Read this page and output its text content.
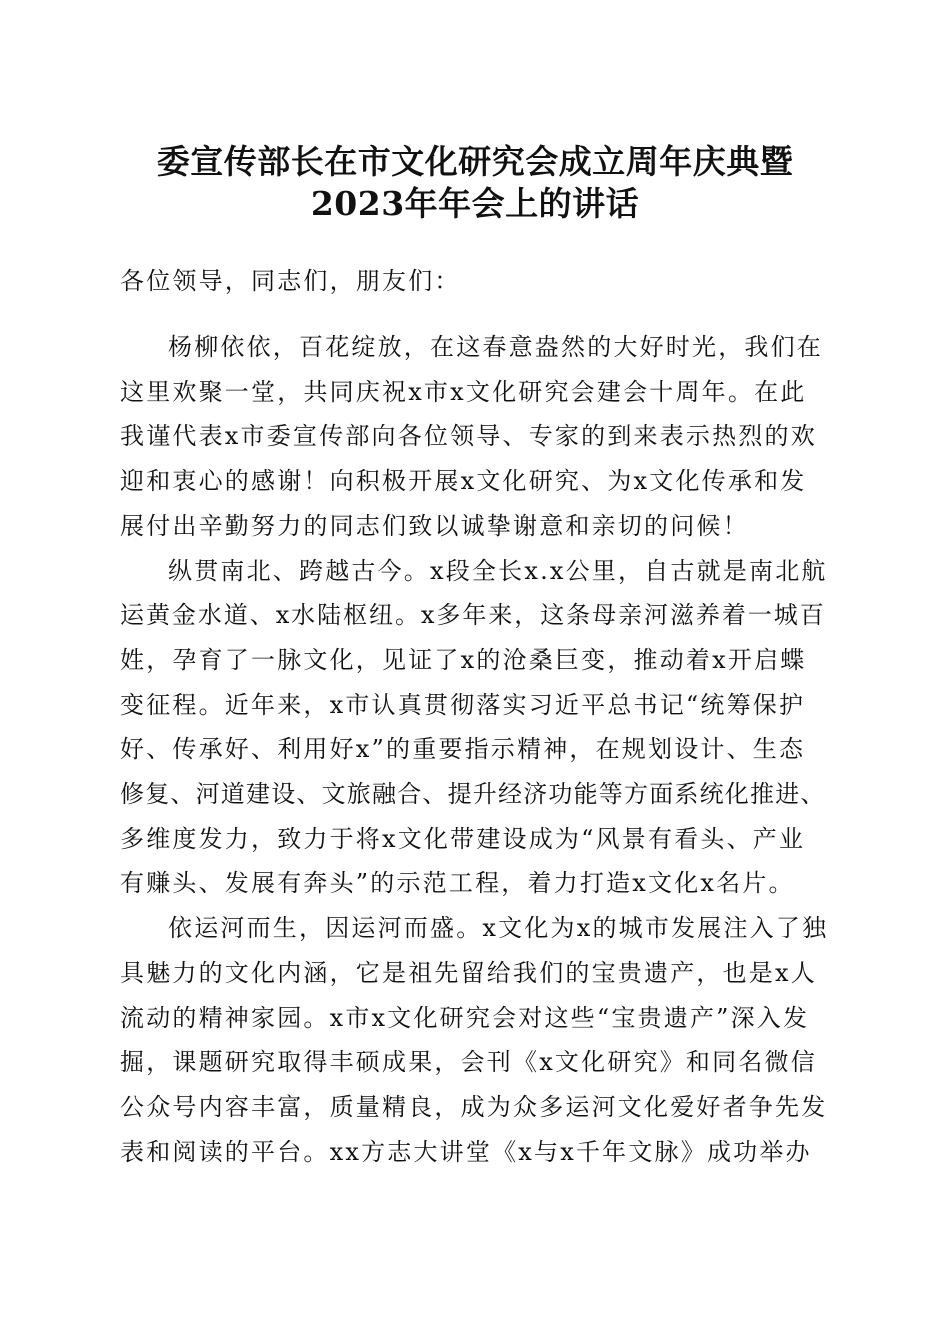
委宣传部长在市文化研究会成立周年庆典暨
2023年年会上的讲话
各位领导，同志们，朋友们：
杨柳依依，百花绽放，在这春意盎然的大好时光，我们在
这里欢聚一堂，共同庆祝x市x文化研究会建会十周年。在此
我谨代表x市委宣传部向各位领导、专家的到来表示热烈的欢
迎和衷心的感谢！向积极开展x文化研究、为x文化传承和发
展付出辛勤努力的同志们致以诚挚谢意和亲切的问候！
纵贯南北、跨越古今。x段全长x.x公里，自古就是南北航
运黄金水道、x水陆枢纽。x多年来，这条母亲河滋养着一城百
姓，孕育了一脉文化，见证了x的沧桑巨变，推动着x开启蝶
变征程。近年来，x市认真贯彻落实习近平总书记“统筹保护
好、传承好、利用好x”的重要指示精神，在规划设计、生态
修复、河道建设、文旅融合、提升经济功能等方面系统化推进、
多维度发力，致力于将x文化带建设成为“风景有看头、产业
有赚头、发展有奔头”的示范工程，着力打造x文化x名片。
依运河而生，因运河而盛。x文化为x的城市发展注入了独
具魅力的文化内涵，它是祖先留给我们的宝贵遗产，也是x人
流动的精神家园。x市x文化研究会对这些“宝贵遗产”深入发
掘，课题研究取得丰硕成果，会刊《x文化研究》和同名微信
公众号内容丰富，质量精良，成为众多运河文化爱好者争先发
表和阅读的平台。xx方志大讲堂《x与x千年文脉》成功举办
